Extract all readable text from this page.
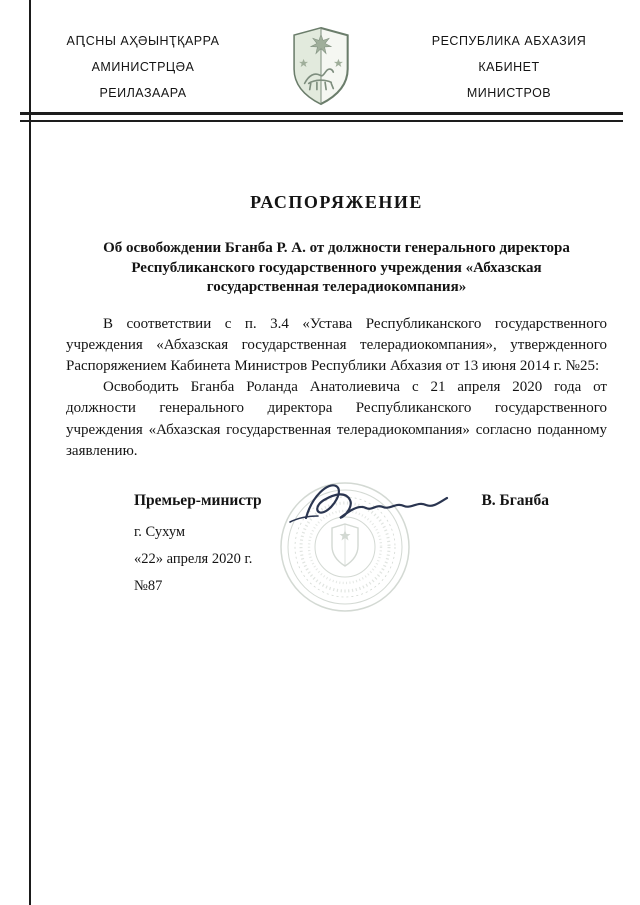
АԤСНЫ АҲӘЫНҬҚАРРА
АМИНИСТРЦӘА
РЕИЛАЗААРА
РЕСПУБЛИКА АБХАЗИЯ
КАБИНЕТ
МИНИСТРОВ
РАСПОРЯЖЕНИЕ
Об освобождении Бганба Р. А. от должности генерального директора Республиканского государственного учреждения «Абхазская государственная телерадиокомпания»

В соответствии с п. 3.4 «Устава Республиканского государственного учреждения «Абхазская государственная телерадиокомпания», утвержденного Распоряжением Кабинета Министров Республики Абхазия от 13 июня 2014 г. №25:

Освободить Бганба Роланда Анатолиевича с 21 апреля 2020 года от должности генерального директора Республиканского государственного учреждения «Абхазская государственная телерадиокомпания» согласно поданному заявлению.

Премьер-министр	В. Бганба
г. Сухум
«22» апреля 2020 г.
№87
